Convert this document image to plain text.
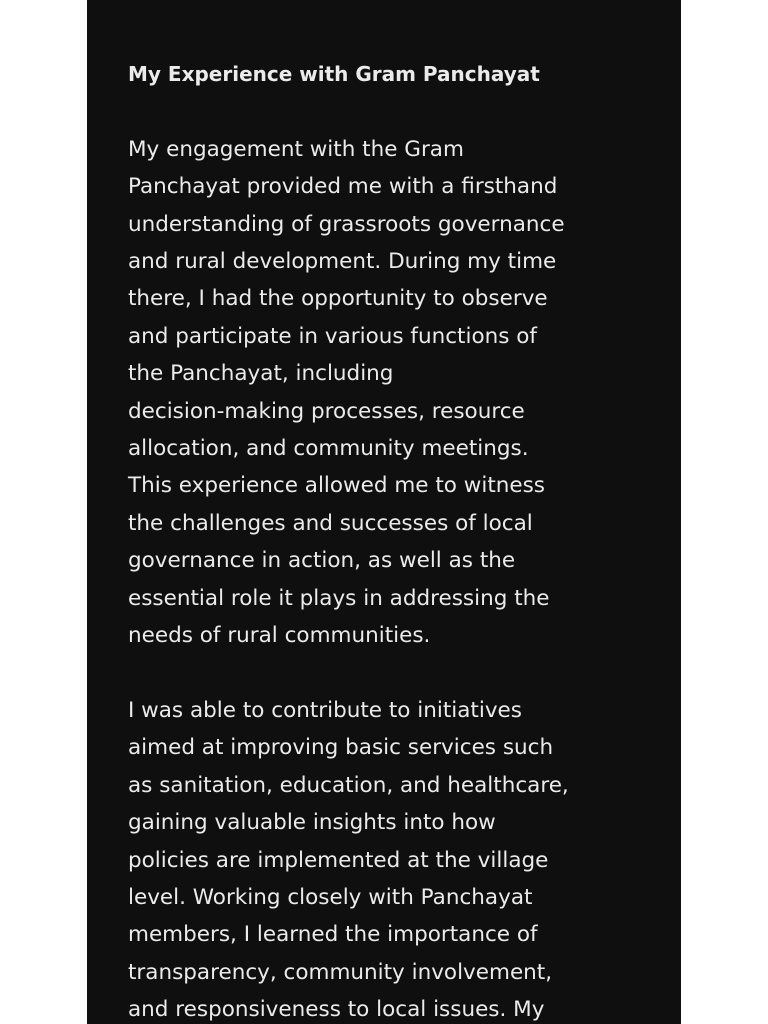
My Experience with Gram Panchayat

My engagement with the Gram
Panchayat provided me with a firsthand
understanding of grassroots governance
and rural development. During my time
there, I had the opportunity to observe
and participate in various functions of
the Panchayat, including
decision-making processes, resource
allocation, and community meetings.
This experience allowed me to witness
the challenges and successes of local
governance in action, as well as the
essential role it plays in addressing the
needs of rural communities.

I was able to contribute to initiatives
aimed at improving basic services such
as sanitation, education, and healthcare,
gaining valuable insights into how
policies are implemented at the village
level. Working closely with Panchayat
members, I learned the importance of
transparency, community involvement,
and responsiveness to local issues. My
